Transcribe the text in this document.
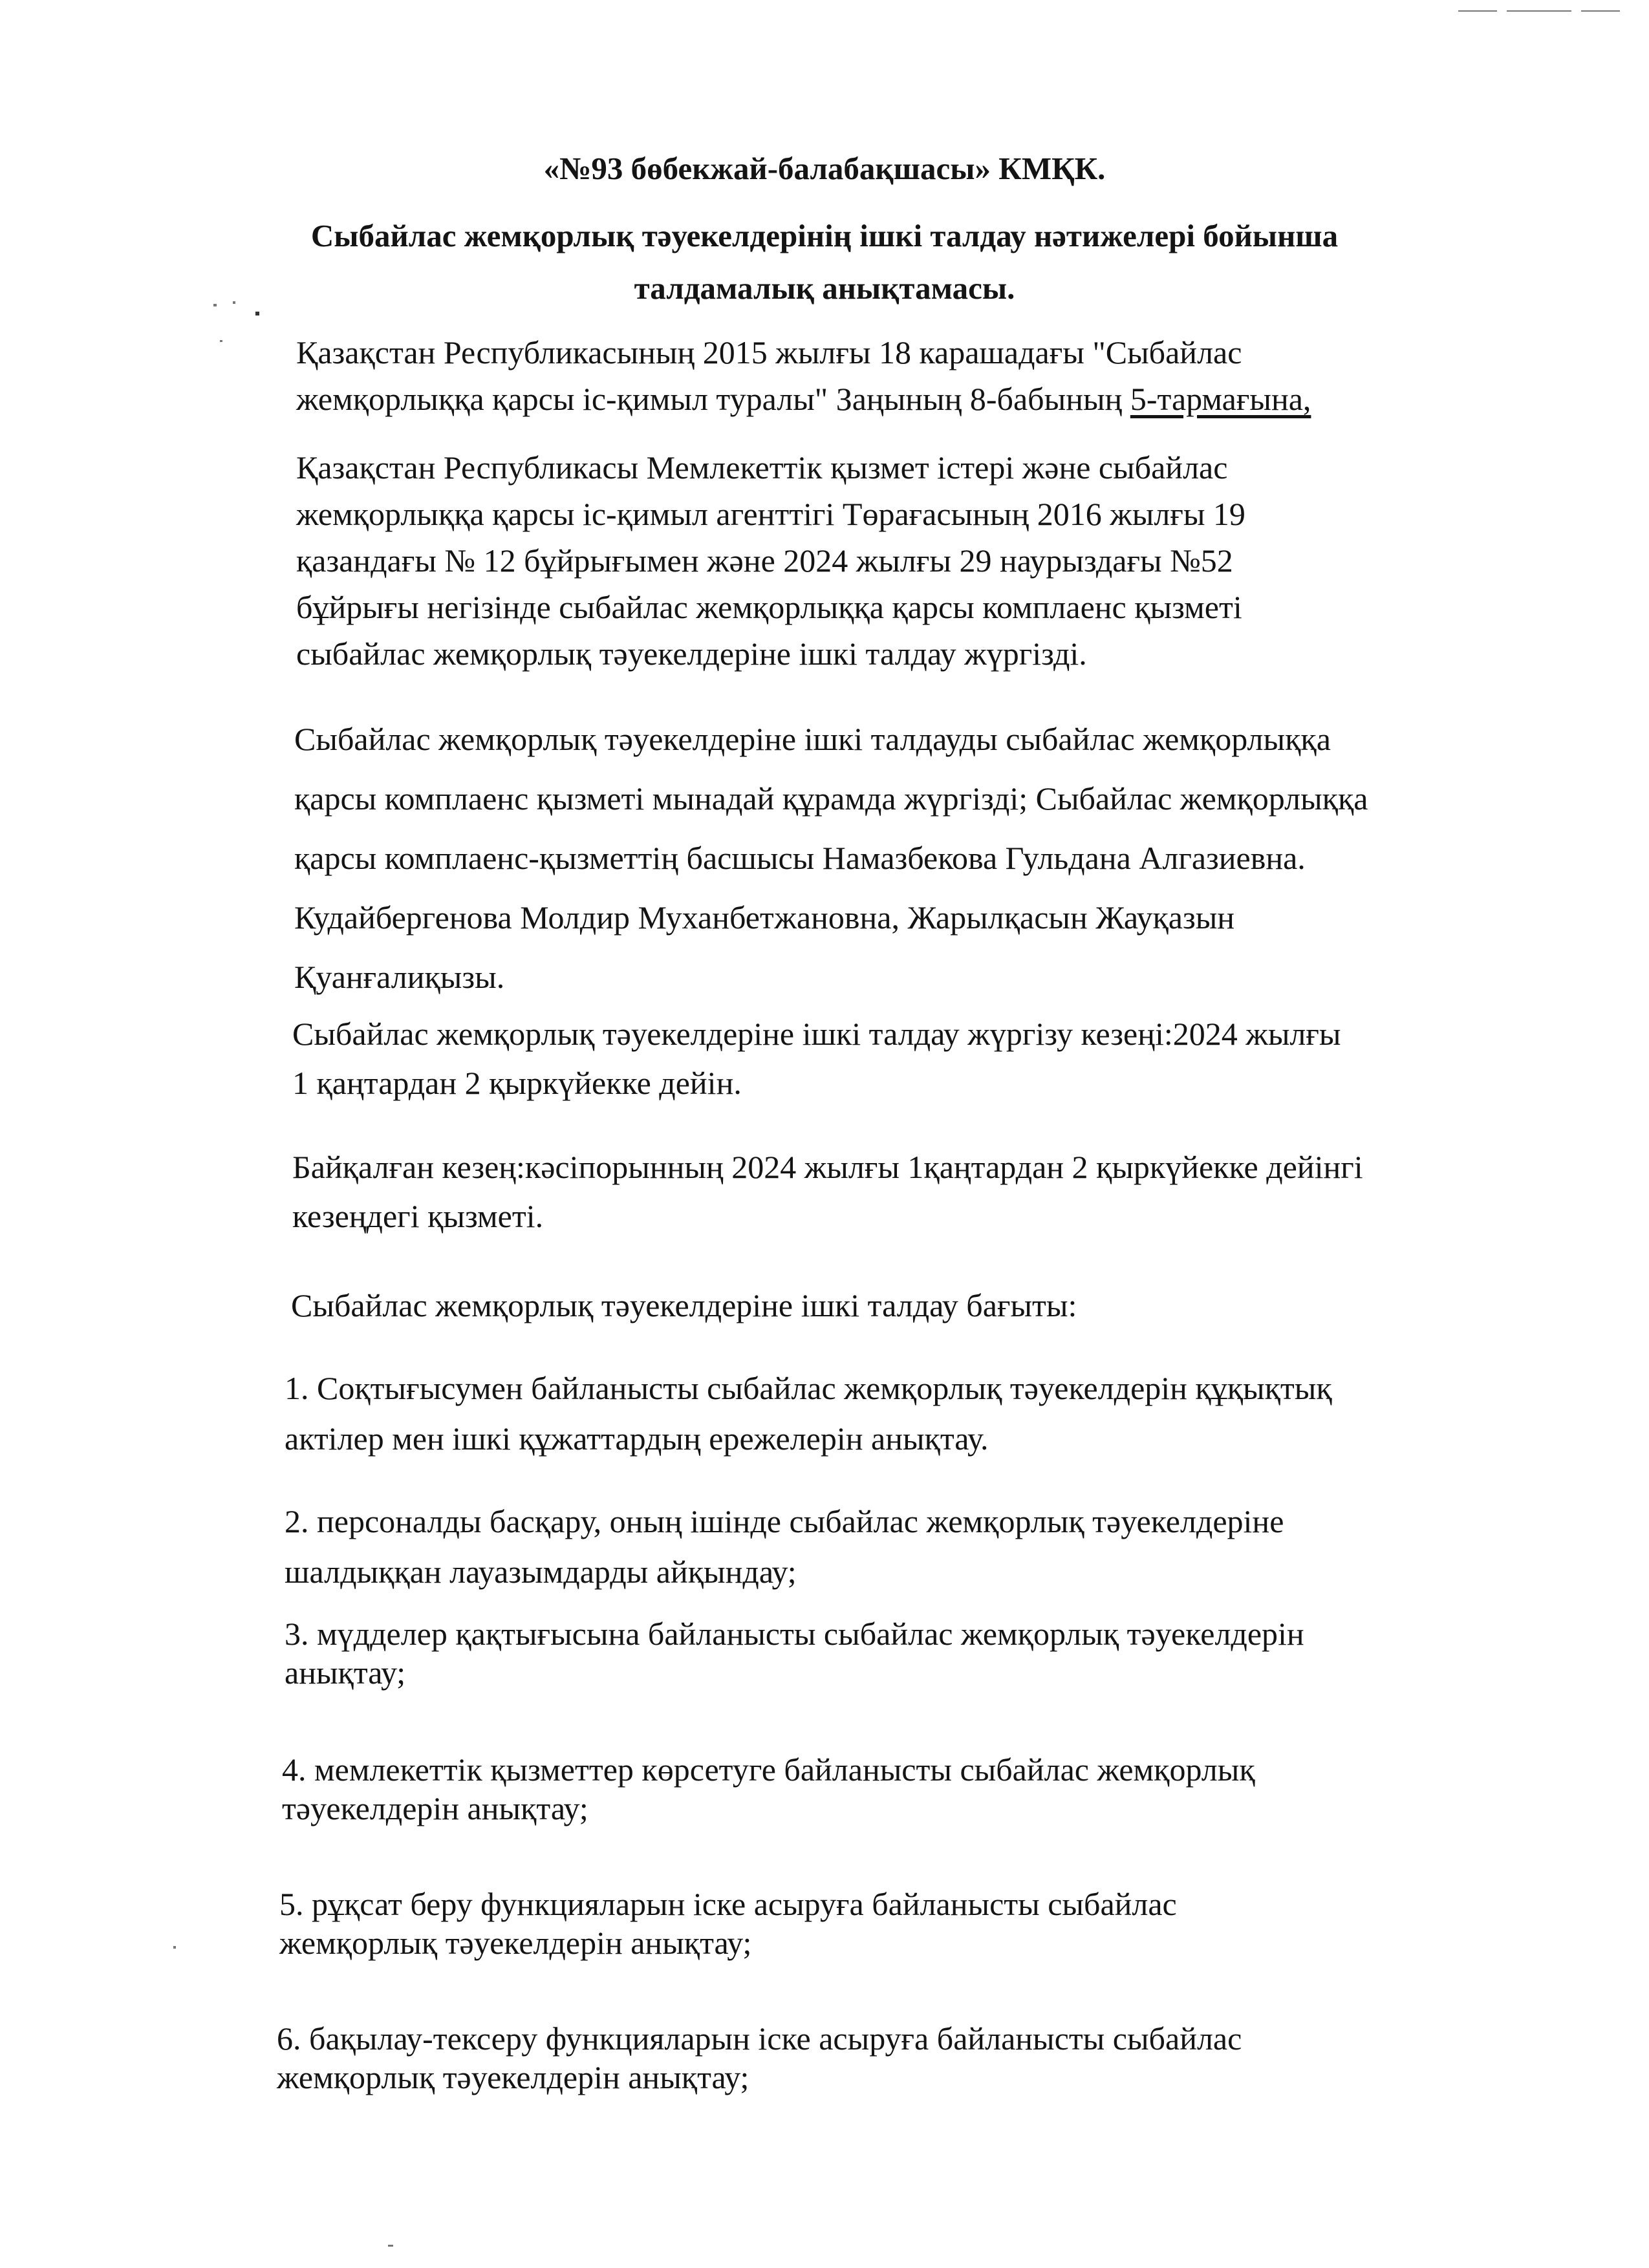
«№93 бөбекжай-балабақшасы» КМҚК.
Сыбайлас жемқорлық тәуекелдерінің ішкі талдау нәтижелері бойынша
талдамалық анықтамасы.
Қазақстан Республикасының 2015 жылғы 18 карашадағы "Сыбайлас
жемқорлыққа қарсы іс-қимыл туралы" Заңының 8-бабының 5-тармағына,
Қазақстан Республикасы Мемлекеттік қызмет істері және сыбайлас
жемқорлыққа қарсы іс-қимыл агенттігі Төрағасының 2016 жылғы 19
қазандағы № 12 бұйрығымен және 2024 жылғы 29 наурыздағы №52
бұйрығы негізінде сыбайлас жемқорлыққа қарсы комплаенс қызметі
сыбайлас жемқорлық тәуекелдеріне ішкі талдау жүргізді.
Сыбайлас жемқорлық тәуекелдеріне ішкі талдауды сыбайлас жемқорлыққа
қарсы комплаенс қызметі мынадай құрамда жүргізді; Сыбайлас жемқорлыққа
қарсы комплаенс-қызметтің басшысы Намазбекова Гульдана Алгазиевна.
Кудайбергенова Молдир Муханбетжановна, Жарылқасын Жауқазын
Қуанғалиқызы.
Сыбайлас жемқорлық тәуекелдеріне ішкі талдау жүргізу кезеңі:2024 жылғы
1 қаңтардан 2 қыркүйекке дейін.
Байқалған кезең:кәсіпорынның 2024 жылғы 1қаңтардан 2 қыркүйекке дейінгі
кезеңдегі қызметі.
Сыбайлас жемқорлық тәуекелдеріне ішкі талдау бағыты:
1. Соқтығысумен байланысты сыбайлас жемқорлық тәуекелдерін құқықтық
актілер мен ішкі құжаттардың ережелерін анықтау.
2. персоналды басқару, оның ішінде сыбайлас жемқорлық тәуекелдеріне
шалдыққан лауазымдарды айқындау;
3. мүдделер қақтығысына байланысты сыбайлас жемқорлық тәуекелдерін
анықтау;
4. мемлекеттік қызметтер көрсетуге байланысты сыбайлас жемқорлық
тәуекелдерін анықтау;
5. рұқсат беру функцияларын іске асыруға байланысты сыбайлас
жемқорлық тәуекелдерін анықтау;
6. бақылау-тексеру функцияларын іске асыруға байланысты сыбайлас
жемқорлық тәуекелдерін анықтау;
